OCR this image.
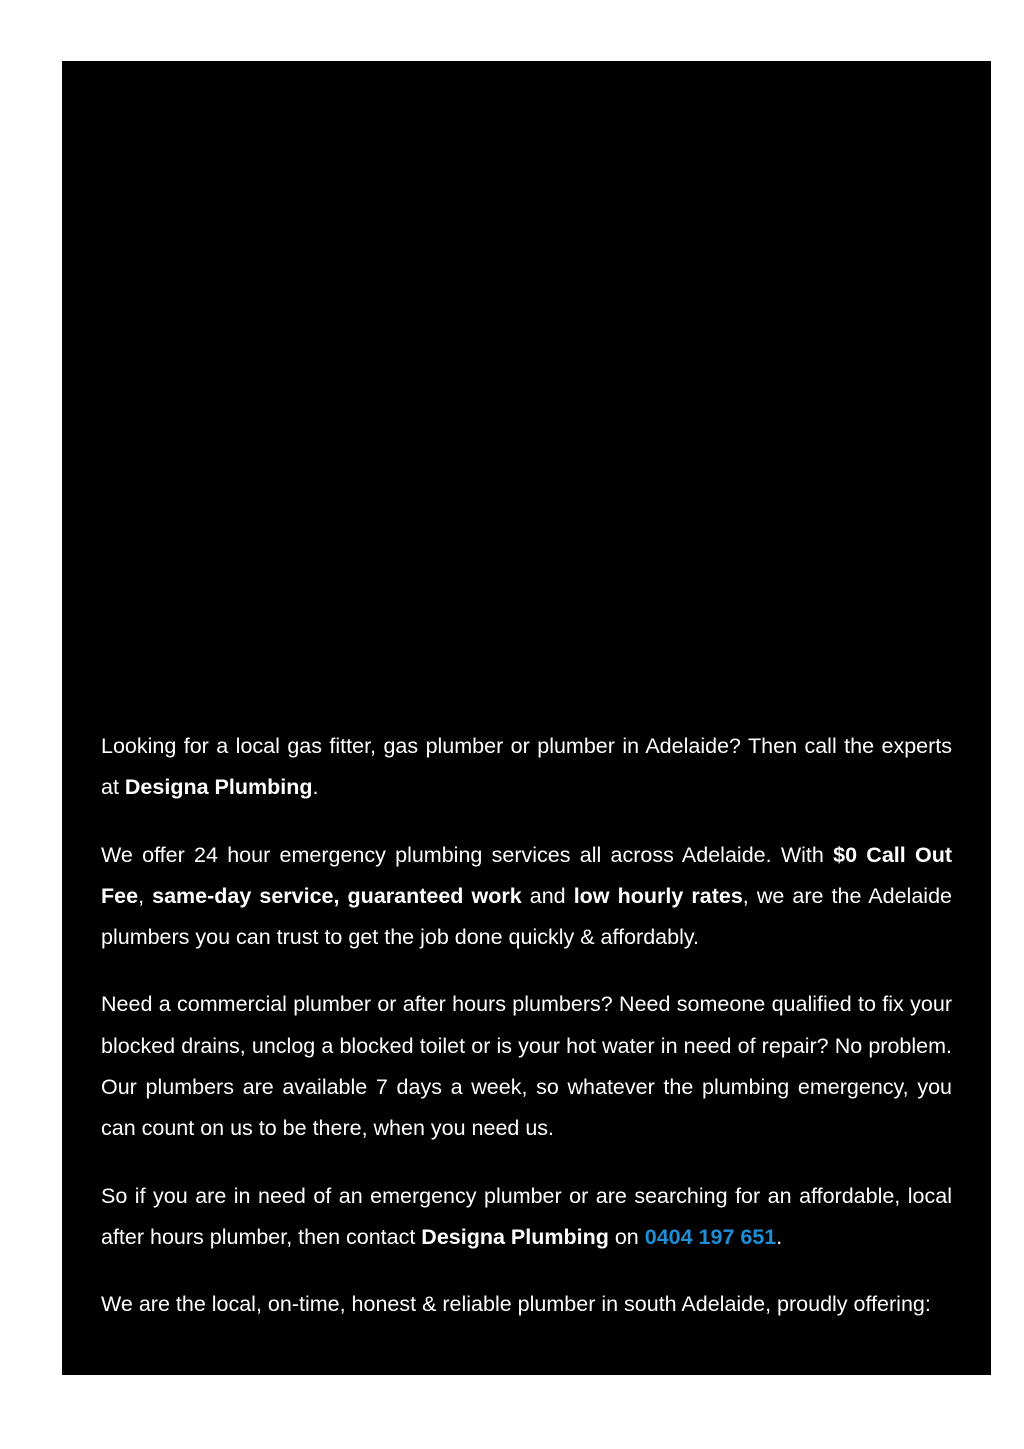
Looking for a local gas fitter, gas plumber or plumber in Adelaide? Then call the experts at Designa Plumbing.

We offer 24 hour emergency plumbing services all across Adelaide. With $0 Call Out Fee, same-day service, guaranteed work and low hourly rates, we are the Adelaide plumbers you can trust to get the job done quickly & affordably.

Need a commercial plumber or after hours plumbers? Need someone qualified to fix your blocked drains, unclog a blocked toilet or is your hot water in need of repair? No problem. Our plumbers are available 7 days a week, so whatever the plumbing emergency, you can count on us to be there, when you need us.

So if you are in need of an emergency plumber or are searching for an affordable, local after hours plumber, then contact Designa Plumbing on 0404 197 651.

We are the local, on-time, honest & reliable plumber in south Adelaide, proudly offering:
